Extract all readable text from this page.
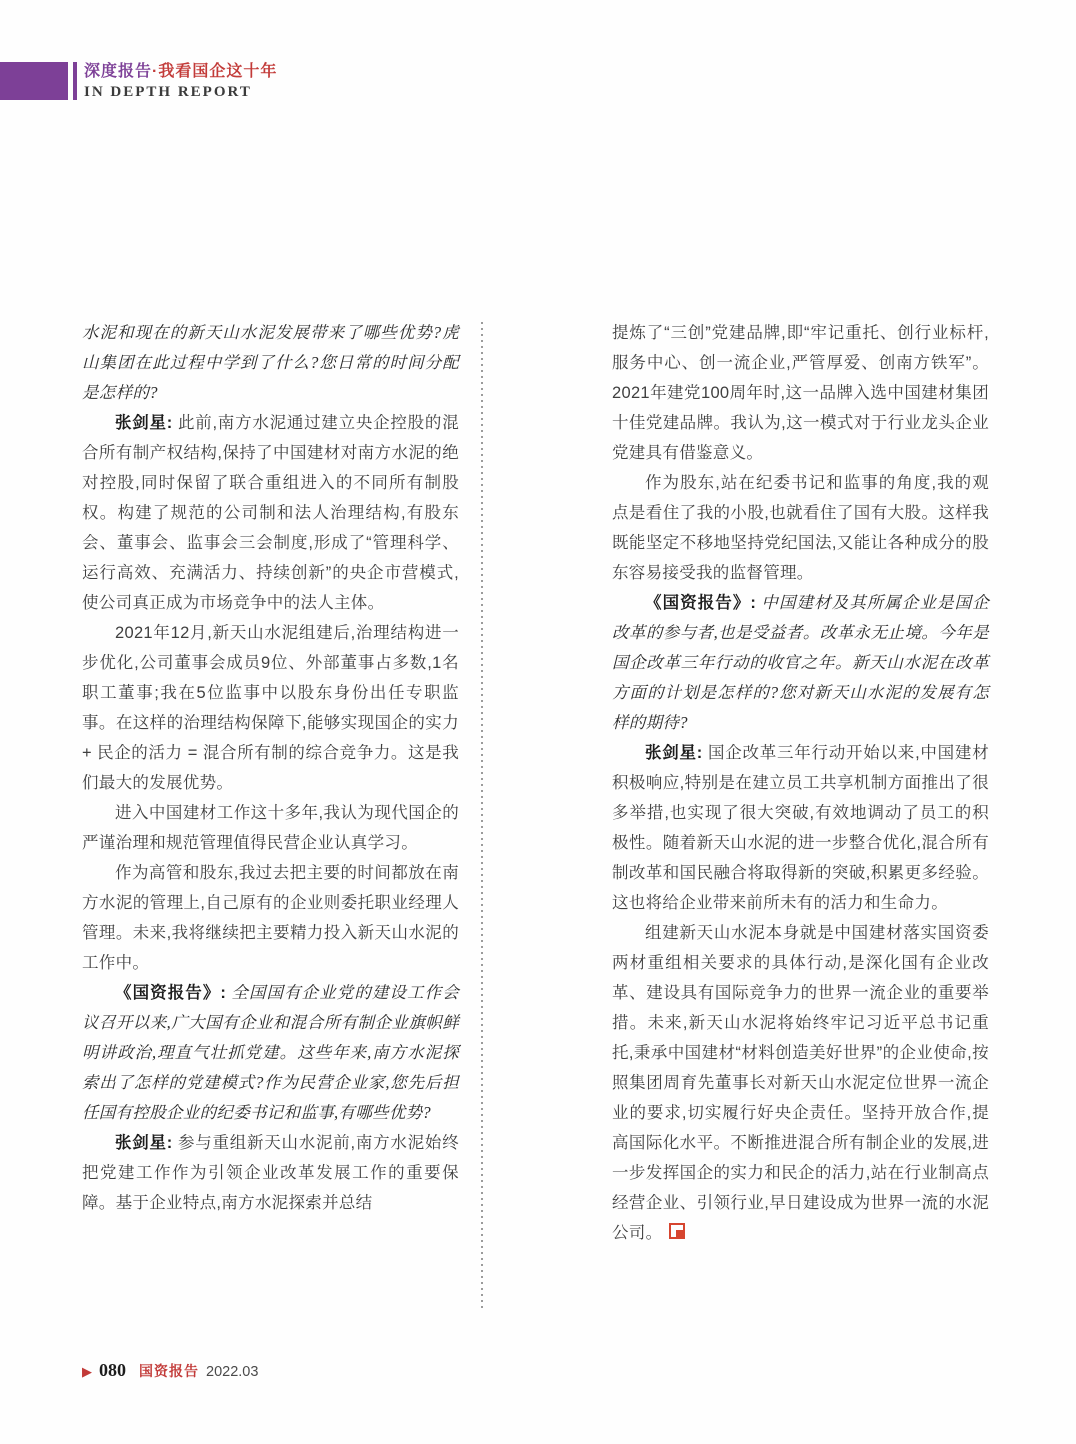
深度报告·我看国企这十年
IN DEPTH REPORT

水泥和现在的新天山水泥发展带来了哪些优势?虎山集团在此过程中学到了什么?您日常的时间分配是怎样的?

张剑星: 此前,南方水泥通过建立央企控股的混合所有制产权结构,保持了中国建材对南方水泥的绝对控股,同时保留了联合重组进入的不同所有制股权。构建了规范的公司制和法人治理结构,有股东会、董事会、监事会三会制度,形成了“管理科学、运行高效、充满活力、持续创新”的央企市营模式,使公司真正成为市场竞争中的法人主体。

2021年12月,新天山水泥组建后,治理结构进一步优化,公司董事会成员9位、外部董事占多数,1名职工董事;我在5位监事中以股东身份出任专职监事。在这样的治理结构保障下,能够实现国企的实力 + 民企的活力 = 混合所有制的综合竞争力。这是我们最大的发展优势。

进入中国建材工作这十多年,我认为现代国企的严谨治理和规范管理值得民营企业认真学习。

作为高管和股东,我过去把主要的时间都放在南方水泥的管理上,自己原有的企业则委托职业经理人管理。未来,我将继续把主要精力投入新天山水泥的工作中。

《国资报告》: 全国国有企业党的建设工作会议召开以来,广大国有企业和混合所有制企业旗帜鲜明讲政治,理直气壮抓党建。这些年来,南方水泥探索出了怎样的党建模式?作为民营企业家,您先后担任国有控股企业的纪委书记和监事,有哪些优势?

张剑星: 参与重组新天山水泥前,南方水泥始终把党建工作作为引领企业改革发展工作的重要保障。基于企业特点,南方水泥探索并总结

提炼了“三创”党建品牌,即“牢记重托、创行业标杆,服务中心、创一流企业,严管厚爱、创南方铁军”。2021年建党100周年时,这一品牌入选中国建材集团十佳党建品牌。我认为,这一模式对于行业龙头企业党建具有借鉴意义。

作为股东,站在纪委书记和监事的角度,我的观点是看住了我的小股,也就看住了国有大股。这样我既能坚定不移地坚持党纪国法,又能让各种成分的股东容易接受我的监督管理。

《国资报告》: 中国建材及其所属企业是国企改革的参与者,也是受益者。改革永无止境。今年是国企改革三年行动的收官之年。新天山水泥在改革方面的计划是怎样的?您对新天山水泥的发展有怎样的期待?

张剑星: 国企改革三年行动开始以来,中国建材积极响应,特别是在建立员工共享机制方面推出了很多举措,也实现了很大突破,有效地调动了员工的积极性。随着新天山水泥的进一步整合优化,混合所有制改革和国民融合将取得新的突破,积累更多经验。这也将给企业带来前所未有的活力和生命力。

组建新天山水泥本身就是中国建材落实国资委两材重组相关要求的具体行动,是深化国有企业改革、建设具有国际竞争力的世界一流企业的重要举措。未来,新天山水泥将始终牢记习近平总书记重托,秉承中国建材“材料创造美好世界”的企业使命,按照集团周育先董事长对新天山水泥定位世界一流企业的要求,切实履行好央企责任。坚持开放合作,提高国际化水平。不断推进混合所有制企业的发展,进一步发挥国企的实力和民企的活力,站在行业制高点经营企业、引领行业,早日建设成为世界一流的水泥公司。

▶ 080 国资报告 2022.03
